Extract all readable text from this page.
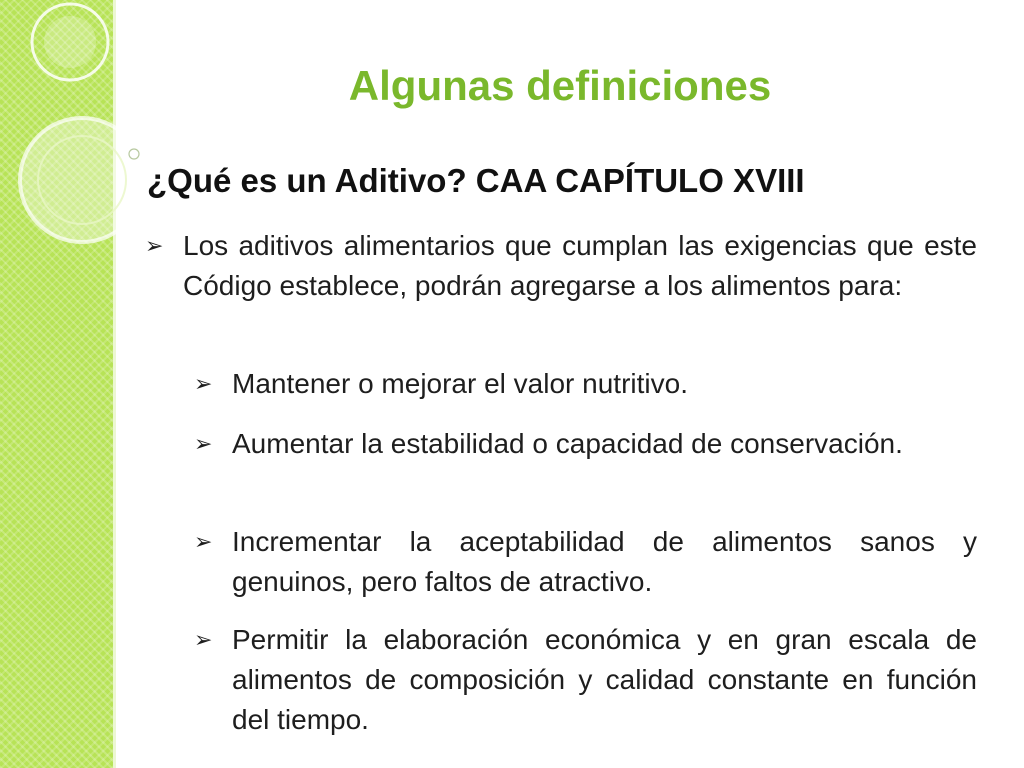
Algunas definiciones
¿Qué es un Aditivo? CAA CAPÍTULO XVIII
➢ Los aditivos alimentarios que cumplan las exigencias que este Código establece, podrán agregarse a los alimentos para:
➢ Mantener o mejorar el valor nutritivo.
➢ Aumentar la estabilidad o capacidad de conservación.
➢ Incrementar la aceptabilidad de alimentos sanos y genuinos, pero faltos de atractivo.
➢ Permitir la elaboración económica y en gran escala de alimentos de composición y calidad constante en función del tiempo.
